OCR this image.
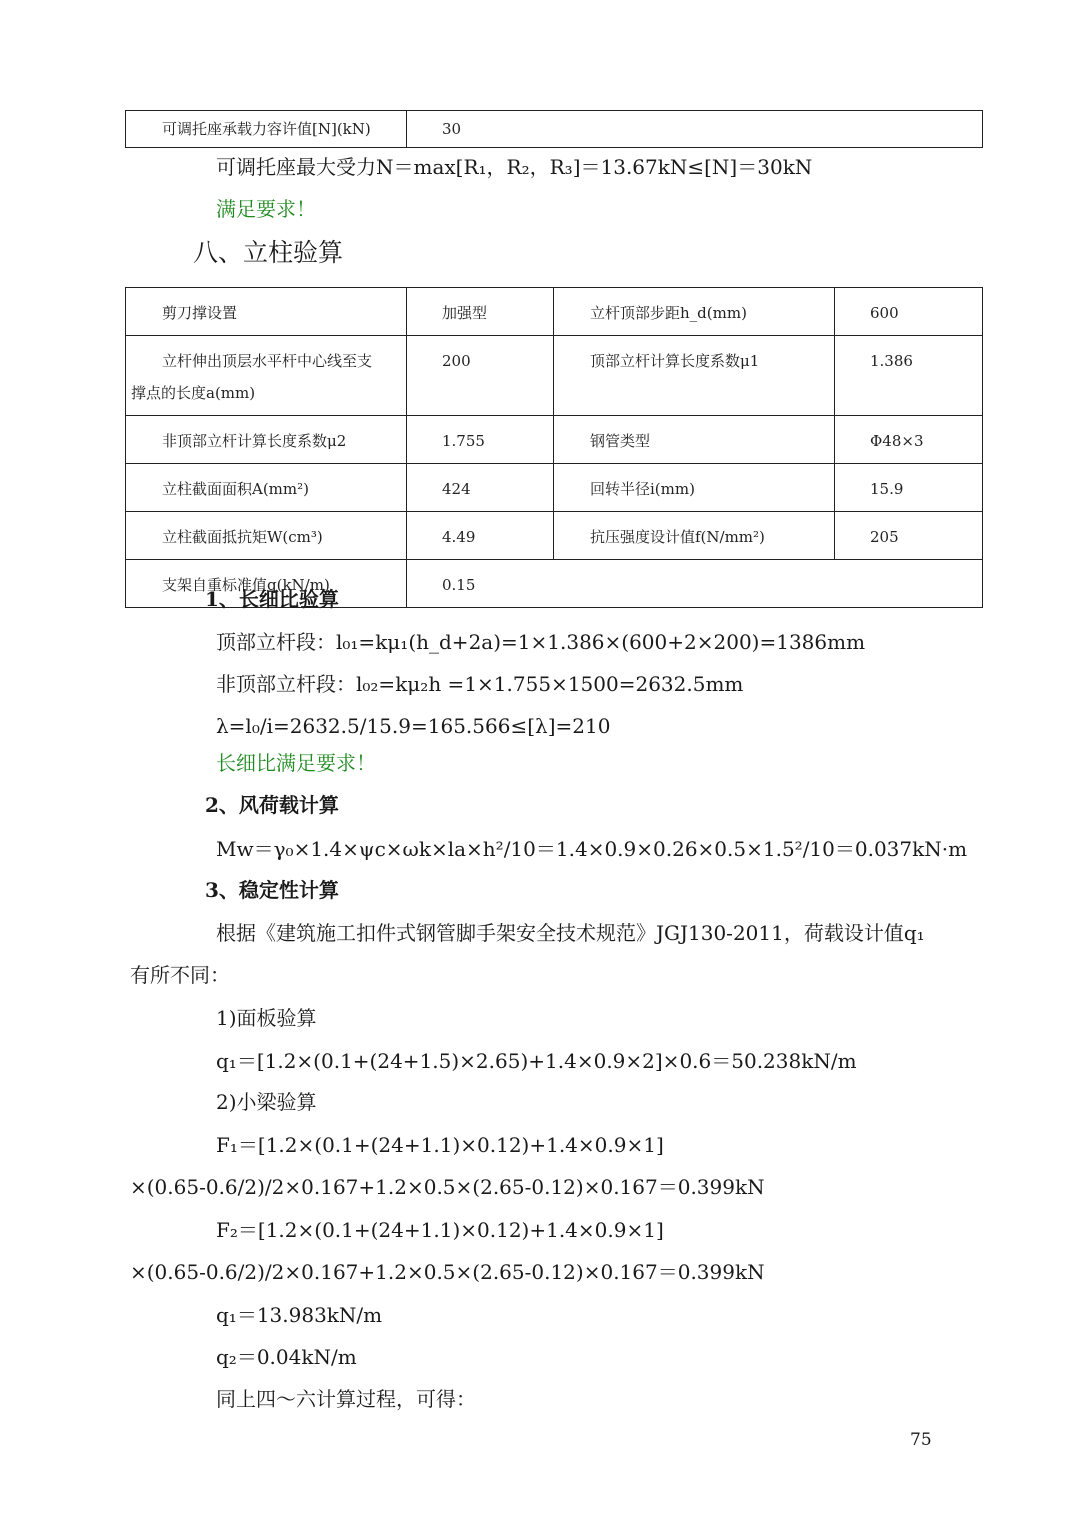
可调托座承载力容许值[N](kN)	30
可调托座最大受力N＝max[R₁，R₂，R₃]＝13.67kN≤[N]＝30kN
满足要求！
八、立柱验算
剪刀撑设置	加强型	立杆顶部步距h_d(mm)	600
立杆伸出顶层水平杆中心线至支
撑点的长度a(mm)	200	顶部立杆计算长度系数μ1	1.386
非顶部立杆计算长度系数μ2	1.755	钢管类型	Φ48×3
立柱截面面积A(mm²)	424	回转半径i(mm)	15.9
立柱截面抵抗矩W(cm³)	4.49	抗压强度设计值f(N/mm²)	205
支架自重标准值q(kN/m)	0.15		
1、长细比验算
顶部立杆段：l₀₁=kμ₁(h_d+2a)=1×1.386×(600+2×200)=1386mm
非顶部立杆段：l₀₂=kμ₂h =1×1.755×1500=2632.5mm
λ=l₀/i=2632.5/15.9=165.566≤[λ]=210
长细比满足要求！
2、风荷载计算
Mw＝γ₀×1.4×ψc×ωk×la×h²/10＝1.4×0.9×0.26×0.5×1.5²/10＝0.037kN·m
3、稳定性计算
根据《建筑施工扣件式钢管脚手架安全技术规范》JGJ130-2011，荷载设计值q₁
有所不同：
1)面板验算
q₁＝[1.2×(0.1+(24+1.5)×2.65)+1.4×0.9×2]×0.6＝50.238kN/m
2)小梁验算
F₁＝[1.2×(0.1+(24+1.1)×0.12)+1.4×0.9×1]
×(0.65-0.6/2)/2×0.167+1.2×0.5×(2.65-0.12)×0.167＝0.399kN
F₂＝[1.2×(0.1+(24+1.1)×0.12)+1.4×0.9×1]
×(0.65-0.6/2)/2×0.167+1.2×0.5×(2.65-0.12)×0.167＝0.399kN
q₁＝13.983kN/m
q₂＝0.04kN/m
同上四～六计算过程，可得：
75
